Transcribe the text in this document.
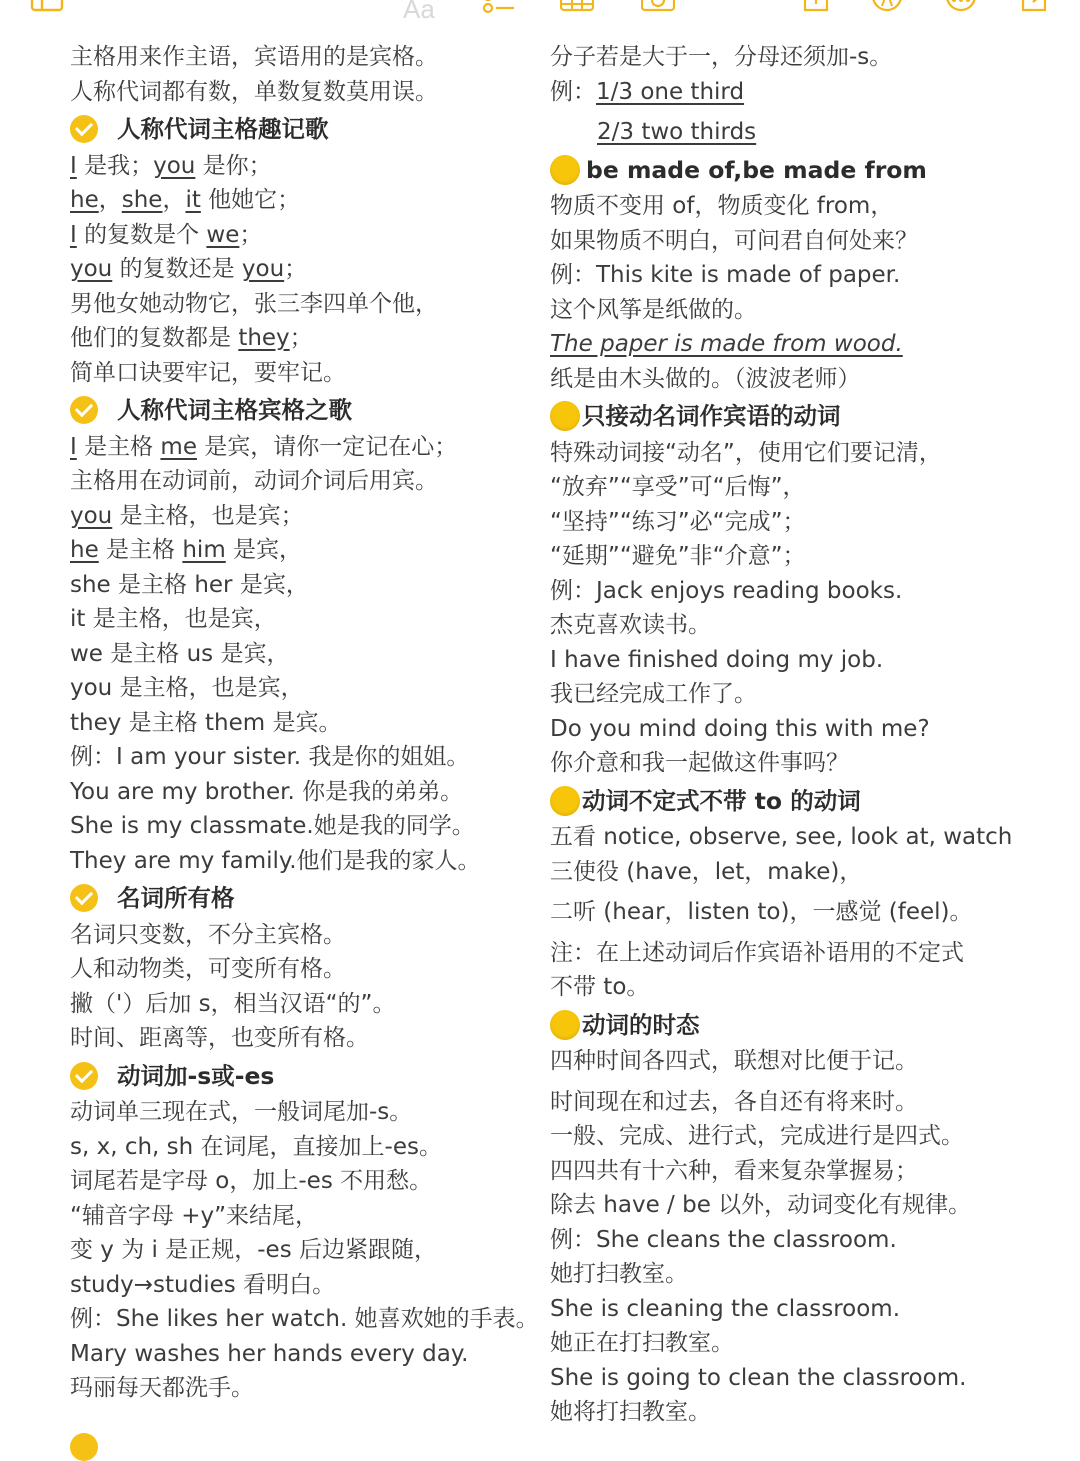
Aa
主格用来作主语，宾语用的是宾格。
人称代词都有数，单数复数莫用误。
人称代词主格趣记歌
I 是我；you 是你；
he，she，it 他她它；
I 的复数是个 we；
you 的复数还是 you；
男他女她动物它，张三李四单个他，
他们的复数都是 they；
简单口诀要牢记，要牢记。
人称代词主格宾格之歌
I 是主格 me 是宾，请你一定记在心；
主格用在动词前，动词介词后用宾。
you 是主格，也是宾；
he 是主格 him 是宾，
she 是主格 her 是宾，
it 是主格，也是宾，
we 是主格 us 是宾，
you 是主格，也是宾，
they 是主格 them 是宾。
例：I am your sister. 我是你的姐姐。
You are my brother. 你是我的弟弟。
She is my classmate.她是我的同学。
They are my family.他们是我的家人。
名词所有格
名词只变数，不分主宾格。
人和动物类，可变所有格。
撇（'）后加 s，相当汉语“的”。
时间、距离等，也变所有格。
动词加-s或-es
动词单三现在式，一般词尾加-s。
s, x, ch, sh 在词尾，直接加上-es。
词尾若是字母 o，加上-es 不用愁。
“辅音字母 +y”来结尾，
变 y 为 i 是正规，-es 后边紧跟随，
study→studies 看明白。
例：She likes her watch. 她喜欢她的手表。
Mary washes her hands every day.
玛丽每天都洗手。
分子若是大于一，分母还须加-s。
例：1/3 one third
2/3 two thirds
be made of,be made from
物质不变用 of，物质变化 from，
如果物质不明白，可问君自何处来？
例：This kite is made of paper.
这个风筝是纸做的。
The paper is made from wood.
纸是由木头做的。（波波老师）
只接动名词作宾语的动词
特殊动词接“动名”，使用它们要记清，
“放弃”“享受”可“后悔”，
“坚持”“练习”必“完成”；
“延期”“避免”非“介意”；
例：Jack enjoys reading books.
杰克喜欢读书。
I have finished doing my job.
我已经完成工作了。
Do you mind doing this with me?
你介意和我一起做这件事吗？
动词不定式不带 to 的动词
五看 notice, observe, see, look at, watch
三使役 (have，let，make)，
二听 (hear，listen to)，一感觉 (feel)。
注：在上述动词后作宾语补语用的不定式
不带 to。
动词的时态
四种时间各四式，联想对比便于记。
时间现在和过去，各自还有将来时。
一般、完成、进行式，完成进行是四式。
四四共有十六种，看来复杂掌握易；
除去 have / be 以外，动词变化有规律。
例：She cleans the classroom.
她打扫教室。
She is cleaning the classroom.
她正在打扫教室。
She is going to clean the classroom.
她将打扫教室。
